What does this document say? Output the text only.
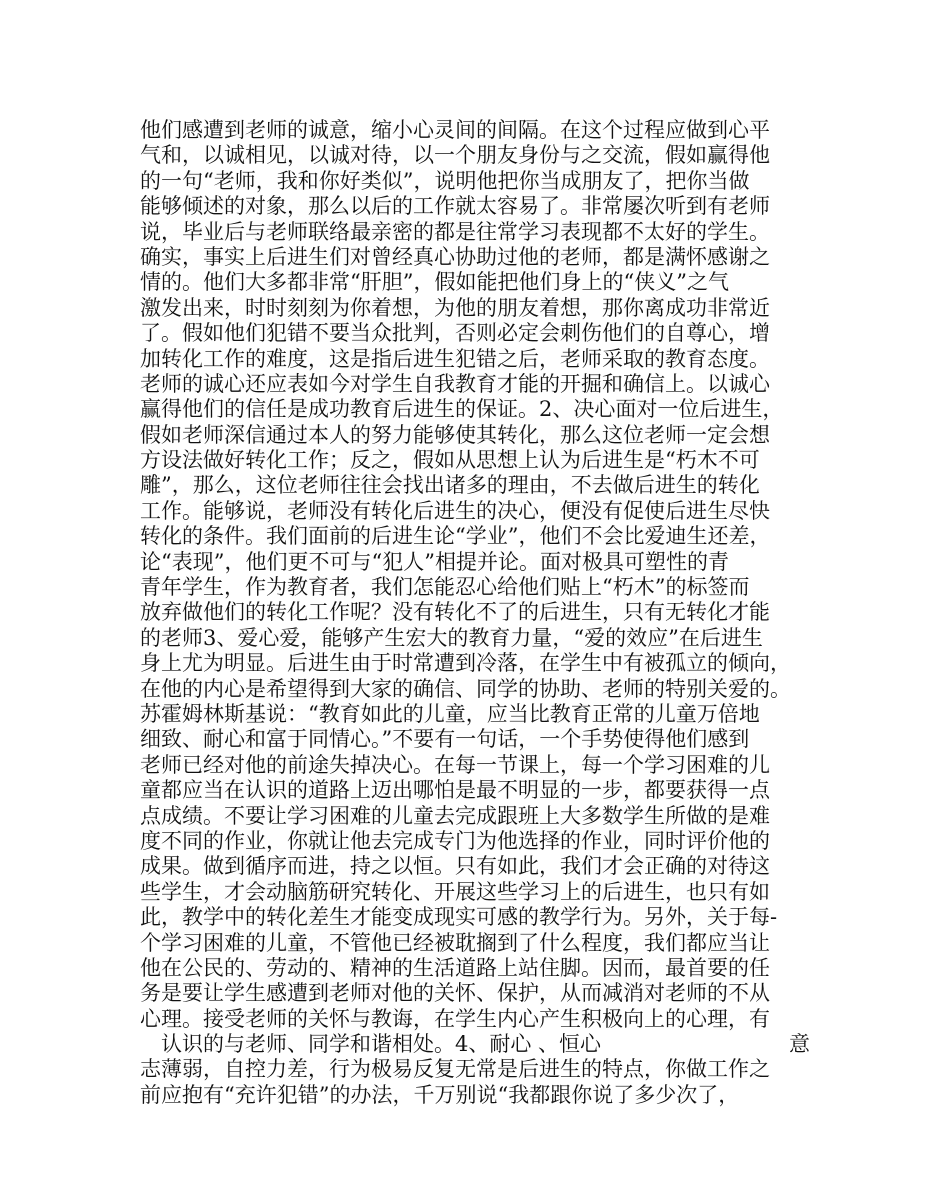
他们感遭到老师的诚意，缩小心灵间的间隔。在这个过程应做到心平
气和，以诚相见，以诚对待，以一个朋友身份与之交流，假如赢得他
的一句“老师，我和你好类似”，说明他把你当成朋友了，把你当做
能够倾述的对象，那么以后的工作就太容易了。非常屡次听到有老师
说，毕业后与老师联络最亲密的都是往常学习表现都不太好的学生。
确实，事实上后进生们对曾经真心协助过他的老师，都是满怀感谢之
情的。他们大多都非常“肝胆”，假如能把他们身上的“侠义”之气
激发出来，时时刻刻为你着想，为他的朋友着想，那你离成功非常近
了。假如他们犯错不要当众批判，否则必定会刺伤他们的自尊心，增
加转化工作的难度，这是指后进生犯错之后，老师采取的教育态度。
老师的诚心还应表如今对学生自我教育才能的开掘和确信上。以诚心
赢得他们的信任是成功教育后进生的保证。2、决心面对一位后进生，
假如老师深信通过本人的努力能够使其转化，那么这位老师一定会想
方设法做好转化工作；反之，假如从思想上认为后进生是“朽木不可
雕”，那么，这位老师往往会找出诸多的理由，不去做后进生的转化
工作。能够说，老师没有转化后进生的决心，便没有促使后进生尽快
转化的条件。我们面前的后进生论“学业”，他们不会比爱迪生还差，
论“表现”，他们更不可与“犯人”相提并论。面对极具可塑性的青
青年学生，作为教育者，我们怎能忍心给他们贴上“朽木”的标签而
放弃做他们的转化工作呢？没有转化不了的后进生，只有无转化才能
的老师3、爱心爱，能够产生宏大的教育力量，“爱的效应”在后进生
身上尤为明显。后进生由于时常遭到冷落，在学生中有被孤立的倾向，
在他的内心是希望得到大家的确信、同学的协助、老师的特别关爱的。
苏霍姆林斯基说：“教育如此的儿童，应当比教育正常的儿童万倍地
细致、耐心和富于同情心。”不要有一句话，一个手势使得他们感到
老师已经对他的前途失掉决心。在每一节课上，每一个学习困难的儿
童都应当在认识的道路上迈出哪怕是最不明显的一步，都要获得一点
点成绩。不要让学习困难的儿童去完成跟班上大多数学生所做的是难
度不同的作业，你就让他去完成专门为他选择的作业，同时评价他的
成果。做到循序而进，持之以恒。只有如此，我们才会正确的对待这
些学生，才会动脑筋研究转化、开展这些学习上的后进生，也只有如
此，教学中的转化差生才能变成现实可感的教学行为。另外，关于每-
个学习困难的儿童，不管他已经被耽搁到了什么程度，我们都应当让
他在公民的、劳动的、精神的生活道路上站住脚。因而，最首要的任
务是要让学生感遭到老师对他的关怀、保护，从而减消对老师的不从
心理。接受老师的关怀与教诲，在学生内心产生积极向上的心理，有
认识的与老师、同学和谐相处。4、耐心 、恒心	意
志薄弱，自控力差，行为极易反复无常是后进生的特点，你做工作之
前应抱有“充许犯错”的办法，千万别说“我都跟你说了多少次了，
